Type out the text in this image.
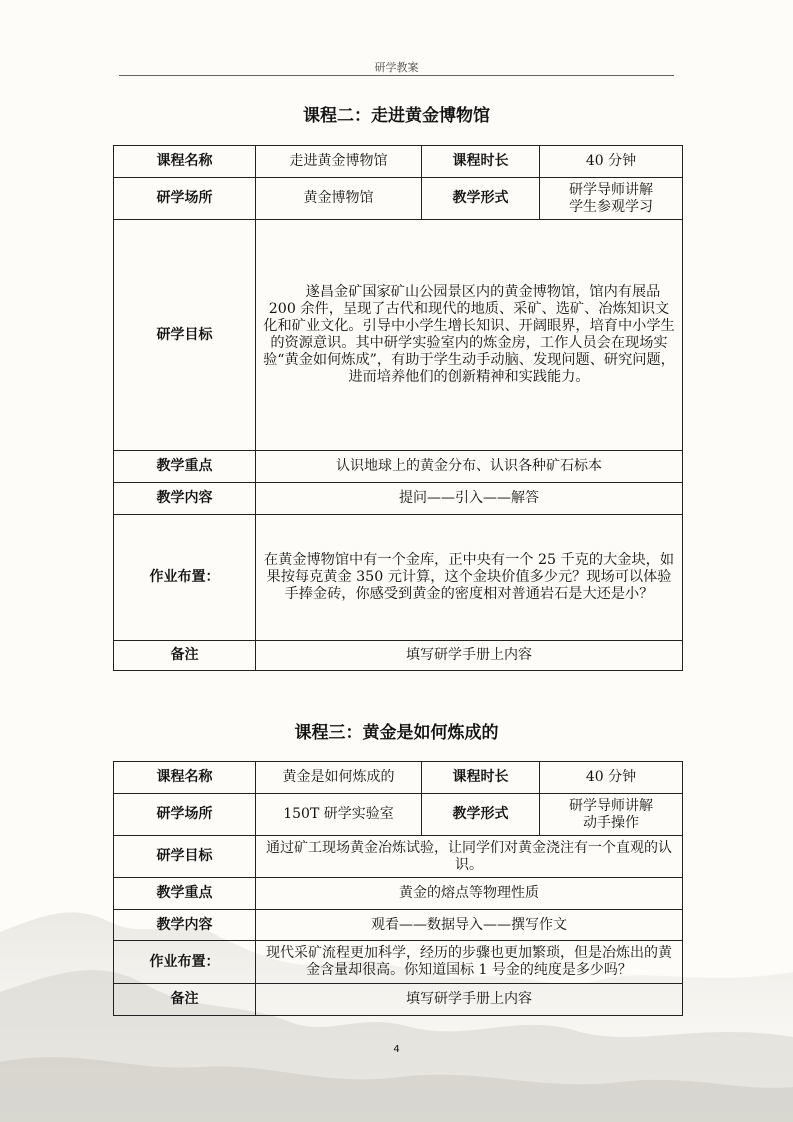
研学教案
课程二：走进黄金博物馆
课程名称	走进黄金博物馆	课程时长	40 分钟
研学场所	黄金博物馆	教学形式	研学导师讲解
学生参观学习

研学目标	遂昌金矿国家矿山公园景区内的黄金博物馆，馆内有展品 200 余件，呈现了古代和现代的地质、采矿、选矿、冶炼知识文化和矿业文化。引导中小学生增长知识、开阔眼界，培育中小学生的资源意识。其中研学实验室内的炼金房，工作人员会在现场实验“黄金如何炼成”，有助于学生动手动脑、发现问题、研究问题，进而培养他们的创新精神和实践能力。		
教学重点	认识地球上的黄金分布、认识各种矿石标本		
教学内容	提问——引入——解答		
作业布置：	在黄金博物馆中有一个金库，正中央有一个 25 千克的大金块，如果按每克黄金 350 元计算，这个金块价值多少元？现场可以体验手捧金砖，你感受到黄金的密度相对普通岩石是大还是小？		
备注	填写研学手册上内容		
课程三：黄金是如何炼成的
课程名称	黄金是如何炼成的	课程时长	40 分钟
研学场所	150T 研学实验室	教学形式	研学导师讲解
动手操作

研学目标	通过矿工现场黄金冶炼试验，让同学们对黄金浇注有一个直观的认识。		
教学重点	黄金的熔点等物理性质		
教学内容	观看——数据导入——撰写作文		
作业布置：	现代采矿流程更加科学，经历的步骤也更加繁琐，但是冶炼出的黄金含量却很高。你知道国标 1 号金的纯度是多少吗？		
备注	填写研学手册上内容		
4
